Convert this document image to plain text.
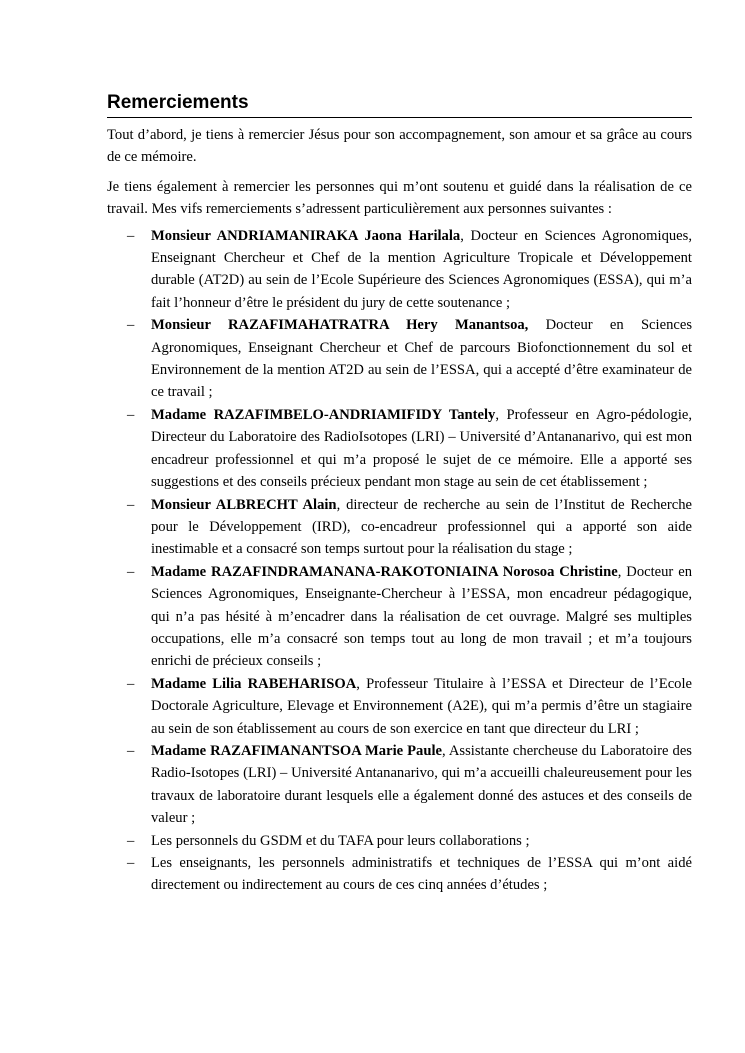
Remerciements

Tout d’abord, je tiens à remercier Jésus pour son accompagnement, son amour et sa grâce au cours de ce mémoire.

Je tiens également à remercier les personnes qui m’ont soutenu et guidé dans la réalisation de ce travail. Mes vifs remerciements s’adressent particulièrement aux personnes suivantes :

– Monsieur ANDRIAMANIRAKA Jaona Harilala, Docteur en Sciences Agronomiques, Enseignant Chercheur et Chef de la mention Agriculture Tropicale et Développement durable (AT2D) au sein de l’Ecole Supérieure des Sciences Agronomiques (ESSA), qui m’a fait l’honneur d’être le président du jury de cette soutenance ;
– Monsieur RAZAFIMAHATRATRA Hery Manantsoa, Docteur en Sciences Agronomiques, Enseignant Chercheur et Chef de parcours Biofonctionnement du sol et Environnement de la mention AT2D au sein de l’ESSA, qui a accepté d’être examinateur de ce travail ;
– Madame RAZAFIMBELO-ANDRIAMIFIDY Tantely, Professeur en Agro-pédologie, Directeur du Laboratoire des RadioIsotopes (LRI) – Université d’Antananarivo, qui est mon encadreur professionnel et qui m’a proposé le sujet de ce mémoire. Elle a apporté ses suggestions et des conseils précieux pendant mon stage au sein de cet établissement ;
– Monsieur ALBRECHT Alain, directeur de recherche au sein de l’Institut de Recherche pour le Développement (IRD), co-encadreur professionnel qui a apporté son aide inestimable et a consacré son temps surtout pour la réalisation du stage ;
– Madame RAZAFINDRAMANANA-RAKOTONIAINA Norosoa Christine, Docteur en Sciences Agronomiques, Enseignante-Chercheur à l’ESSA, mon encadreur pédagogique, qui n’a pas hésité à m’encadrer dans la réalisation de cet ouvrage. Malgré ses multiples occupations, elle m’a consacré son temps tout au long de mon travail ; et m’a toujours enrichi de précieux conseils ;
– Madame Lilia RABEHARISOA, Professeur Titulaire à l’ESSA et Directeur de l’Ecole Doctorale Agriculture, Elevage et Environnement (A2E), qui m’a permis d’être un stagiaire au sein de son établissement au cours de son exercice en tant que directeur du LRI ;
– Madame RAZAFIMANANTSOA Marie Paule, Assistante chercheuse du Laboratoire des Radio-Isotopes (LRI) – Université Antananarivo, qui m’a accueilli chaleureusement pour les travaux de laboratoire durant lesquels elle a également donné des astuces et des conseils de valeur ;
– Les personnels du GSDM et du TAFA pour leurs collaborations ;
– Les enseignants, les personnels administratifs et techniques de l’ESSA qui m’ont aidé directement ou indirectement au cours de ces cinq années d’études ;
